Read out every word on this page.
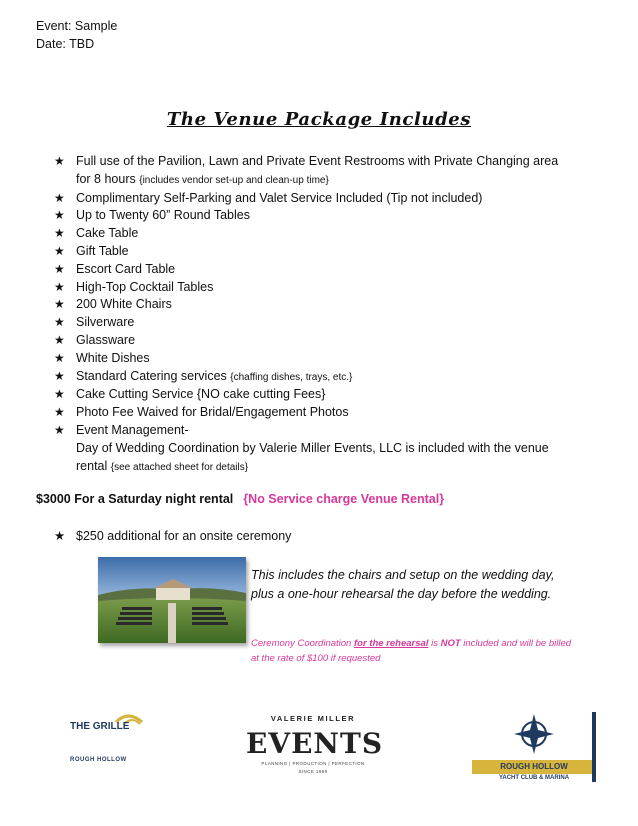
Event: Sample
Date: TBD
The Venue Package Includes
★ Full use of the Pavilion, Lawn and Private Event Restrooms with Private Changing area
for 8 hours {includes vendor set-up and clean-up time}
★ Complimentary Self-Parking and Valet Service Included (Tip not included)
★ Up to Twenty 60” Round Tables
★ Cake Table
★ Gift Table
★ Escort Card Table
★ High-Top Cocktail Tables
★ 200 White Chairs
★ Silverware
★ Glassware
★ White Dishes
★ Standard Catering services {chaffing dishes, trays, etc.}
★ Cake Cutting Service {NO cake cutting Fees}
★ Photo Fee Waived for Bridal/Engagement Photos
★ Event Management-
Day of Wedding Coordination by Valerie Miller Events, LLC is included with the venue
rental {see attached sheet for details}
$3000 For a Saturday night rental {No Service charge Venue Rental}
★ $250 additional for an onsite ceremony
This includes the chairs and setup on the wedding day,
plus a one-hour rehearsal the day before the wedding.
Ceremony Coordination for the rehearsal is NOT included and will be billed
at the rate of $100 if requested
THE GRILLE
ROUGH HOLLOW
VALERIE MILLER
EVENTS
PLANNING | PRODUCTION | PERFECTION
SINCE 1999
ROUGH HOLLOW
YACHT CLUB & MARINA
